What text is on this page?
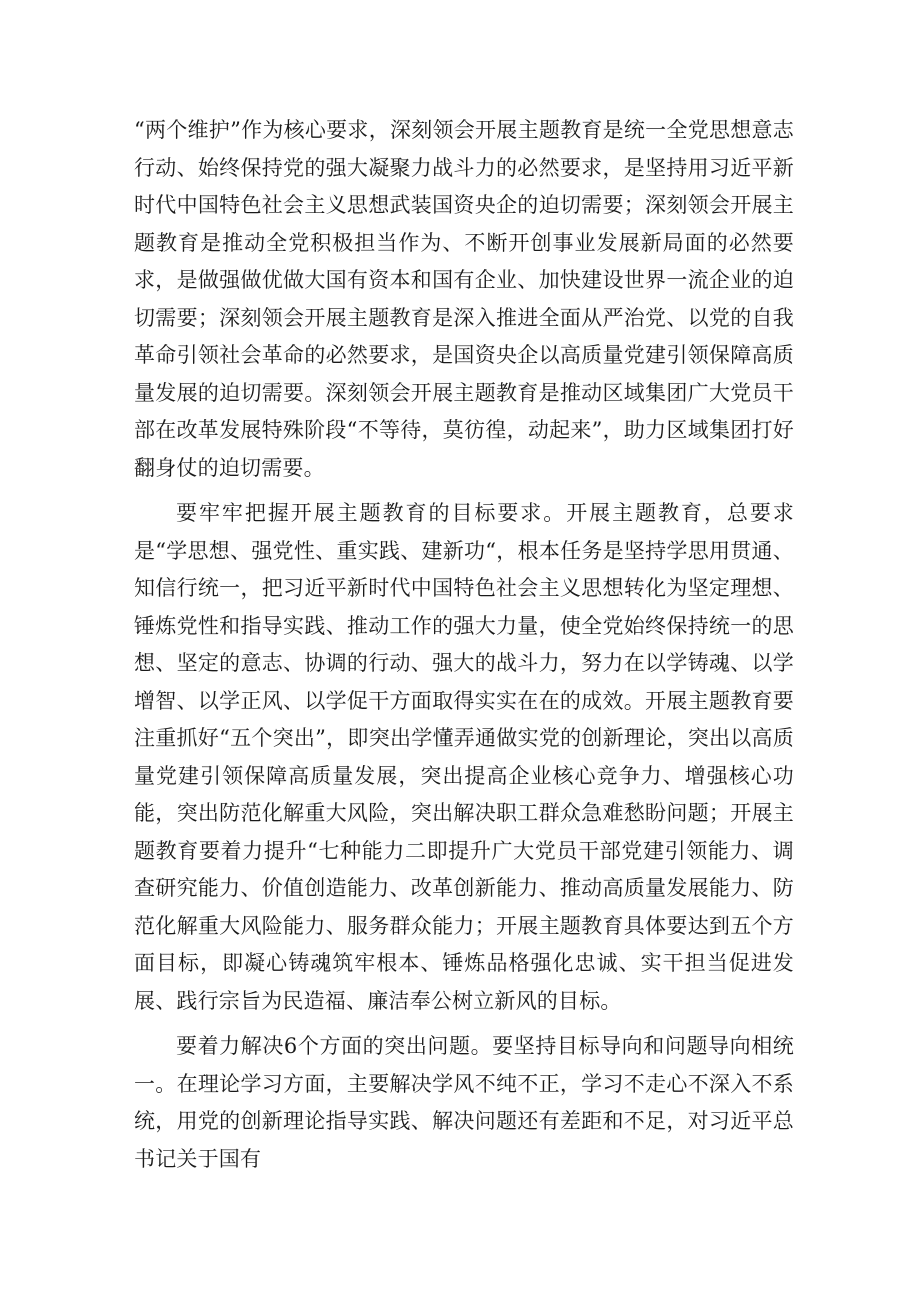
“两个维护”作为核心要求，深刻领会开展主题教育是统一全党思想意志行动、始终保持党的强大凝聚力战斗力的必然要求，是坚持用习近平新时代中国特色社会主义思想武装国资央企的迫切需要；深刻领会开展主题教育是推动全党积极担当作为、不断开创事业发展新局面的必然要求，是做强做优做大国有资本和国有企业、加快建设世界一流企业的迫切需要；深刻领会开展主题教育是深入推进全面从严治党、以党的自我革命引领社会革命的必然要求，是国资央企以高质量党建引领保障高质量发展的迫切需要。深刻领会开展主题教育是推动区域集团广大党员干部在改革发展特殊阶段“不等待，莫彷徨，动起来”，助力区域集团打好翻身仗的迫切需要。

要牢牢把握开展主题教育的目标要求。开展主题教育，总要求是“学思想、强党性、重实践、建新功“，根本任务是坚持学思用贯通、知信行统一，把习近平新时代中国特色社会主义思想转化为坚定理想、锤炼党性和指导实践、推动工作的强大力量，使全党始终保持统一的思想、坚定的意志、协调的行动、强大的战斗力，努力在以学铸魂、以学增智、以学正风、以学促干方面取得实实在在的成效。开展主题教育要注重抓好“五个突出”，即突出学懂弄通做实党的创新理论，突出以高质量党建引领保障高质量发展，突出提高企业核心竞争力、增强核心功能，突出防范化解重大风险，突出解决职工群众急难愁盼问题；开展主题教育要着力提升“七种能力二即提升广大党员干部党建引领能力、调查研究能力、价值创造能力、改革创新能力、推动高质量发展能力、防范化解重大风险能力、服务群众能力；开展主题教育具体要达到五个方面目标，即凝心铸魂筑牢根本、锤炼品格强化忠诚、实干担当促进发展、践行宗旨为民造福、廉洁奉公树立新风的目标。

要着力解决6个方面的突出问题。要坚持目标导向和问题导向相统一。在理论学习方面，主要解决学风不纯不正，学习不走心不深入不系统，用党的创新理论指导实践、解决问题还有差距和不足，对习近平总书记关于国有
